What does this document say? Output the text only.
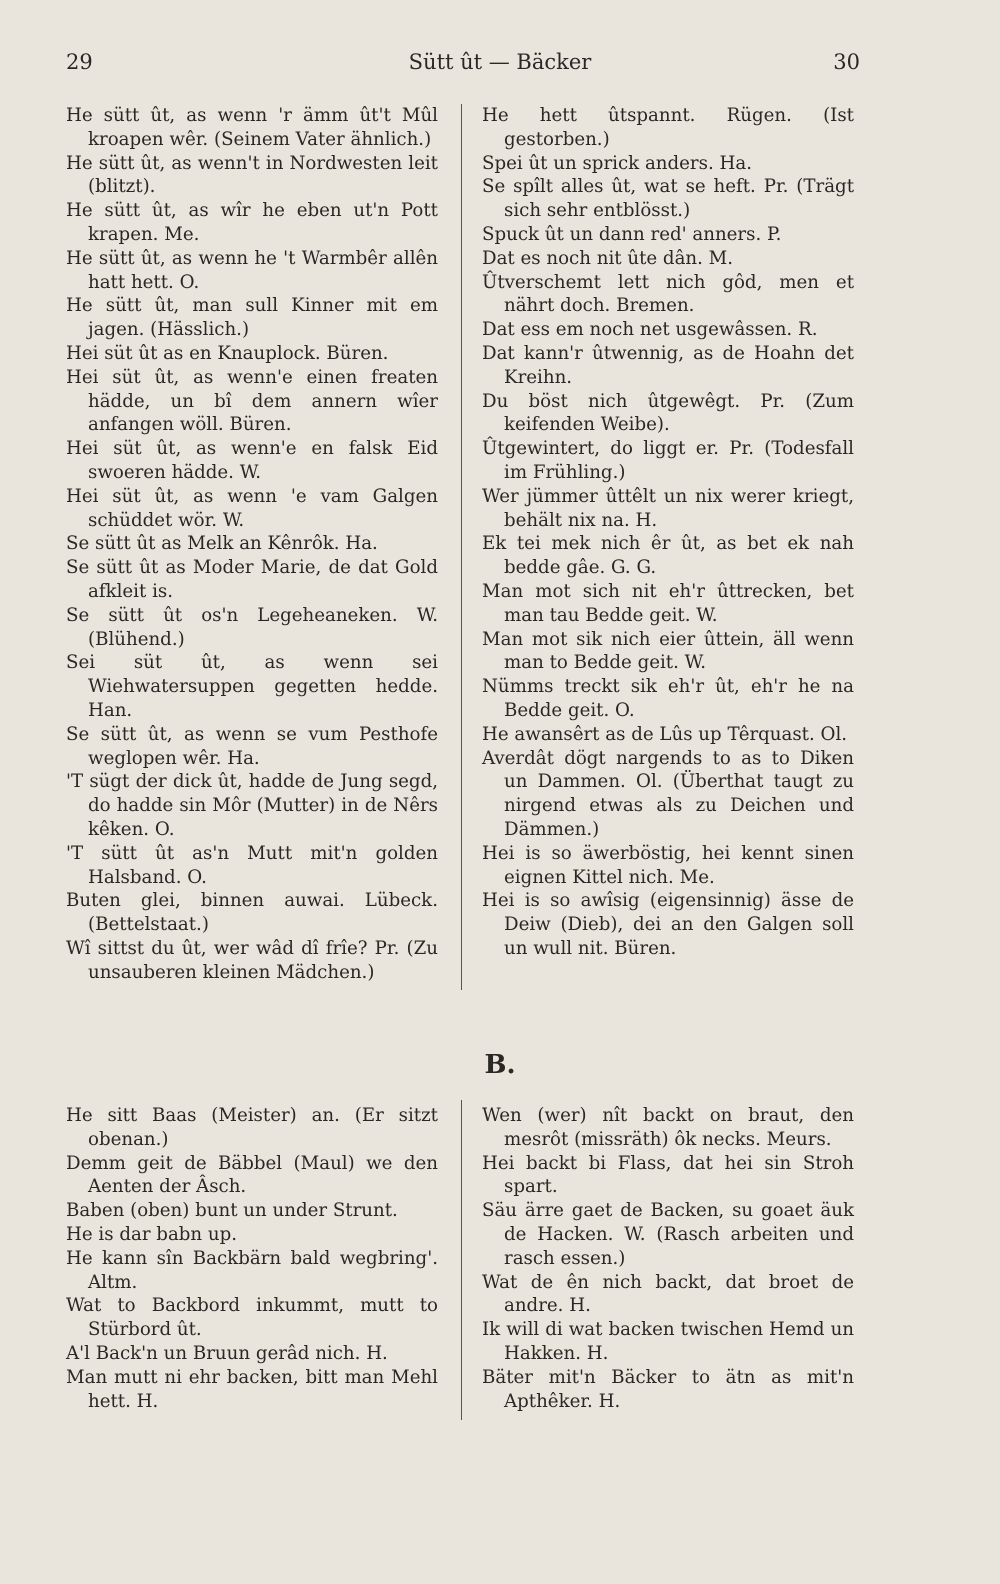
29	Sütt ût — Bäcker	30

He sütt ût, as wenn 'r ämm ût't Mûl kroapen wêr. (Seinem Vater ähnlich.)

He sütt ût, as wenn't in Nordwesten leit (blitzt).

He sütt ût, as wîr he eben ut'n Pott krapen. Me.

He sütt ût, as wenn he 't Warmbêr allên hatt hett. O.

He sütt ût, man sull Kinner mit em jagen. (Hässlich.)

Hei süt ût as en Knauplock. Büren.

Hei süt ût, as wenn'e einen freaten hädde, un bî dem annern wîer anfangen wöll. Büren.

Hei süt ût, as wenn'e en falsk Eid swoeren hädde. W.

Hei süt ût, as wenn 'e vam Galgen schüddet wör. W.

Se sütt ût as Melk an Kênrôk. Ha.

Se sütt ût as Moder Marie, de dat Gold afkleit is.

Se sütt ût os'n Legeheaneken. W. (Blühend.)

Sei süt ût, as wenn sei Wiehwatersuppen gegetten hedde. Han.

Se sütt ût, as wenn se vum Pesthofe weglopen wêr. Ha.

'T sügt der dick ût, hadde de Jung segd, do hadde sin Môr (Mutter) in de Nêrs kêken. O.

'T sütt ût as'n Mutt mit'n golden Halsband. O.

Buten glei, binnen auwai. Lübeck. (Bettelstaat.)

Wî sittst du ût, wer wâd dî frîe? Pr. (Zu unsauberen kleinen Mädchen.)

He hett ûtspannt. Rügen. (Ist gestorben.)

Spei ût un sprick anders. Ha.

Se spîlt alles ût, wat se heft. Pr. (Trägt sich sehr entblösst.)

Spuck ût un dann red' anners. P.

Dat es noch nit ûte dân. M.

Ûtverschemt lett nich gôd, men et nährt doch. Bremen.

Dat ess em noch net usgewâssen. R.

Dat kann'r ûtwennig, as de Hoahn det Kreihn.

Du böst nich ûtgewêgt. Pr. (Zum keifenden Weibe).

Ûtgewintert, do liggt er. Pr. (Todesfall im Frühling.)

Wer jümmer ûttêlt un nix werer kriegt, behält nix na. H.

Ek tei mek nich êr ût, as bet ek nah bedde gâe. G. G.

Man mot sich nit eh'r ûttrecken, bet man tau Bedde geit. W.

Man mot sik nich eier ûttein, äll wenn man to Bedde geit. W.

Nümms treckt sik eh'r ût, eh'r he na Bedde geit. O.

He awansêrt as de Lûs up Têrquast. Ol.

Averdât dögt nargends to as to Diken un Dammen. Ol. (Überthat taugt zu nirgend etwas als zu Deichen und Dämmen.)

Hei is so äwerböstig, hei kennt sinen eignen Kittel nich. Me.

Hei is so awîsig (eigensinnig) ässe de Deiw (Dieb), dei an den Galgen soll un wull nit. Büren.

B.

He sitt Baas (Meister) an. (Er sitzt obenan.)

Demm geit de Bäbbel (Maul) we den Aenten der Âsch.

Baben (oben) bunt un under Strunt.

He is dar babn up.

He kann sîn Backbärn bald wegbring'. Altm.

Wat to Backbord inkummt, mutt to Stürbord ût.

A'l Back'n un Bruun gerâd nich. H.

Man mutt ni ehr backen, bitt man Mehl hett. H.

Wen (wer) nît backt on braut, den mesrôt (missräth) ôk necks. Meurs.

Hei backt bi Flass, dat hei sin Stroh spart.

Säu ärre gaet de Backen, su goaet äuk de Hacken. W. (Rasch arbeiten und rasch essen.)

Wat de ên nich backt, dat broet de andre. H.

Ik will di wat backen twischen Hemd un Hakken. H.

Bäter mit'n Bäcker to ätn as mit'n Apthêker. H.
